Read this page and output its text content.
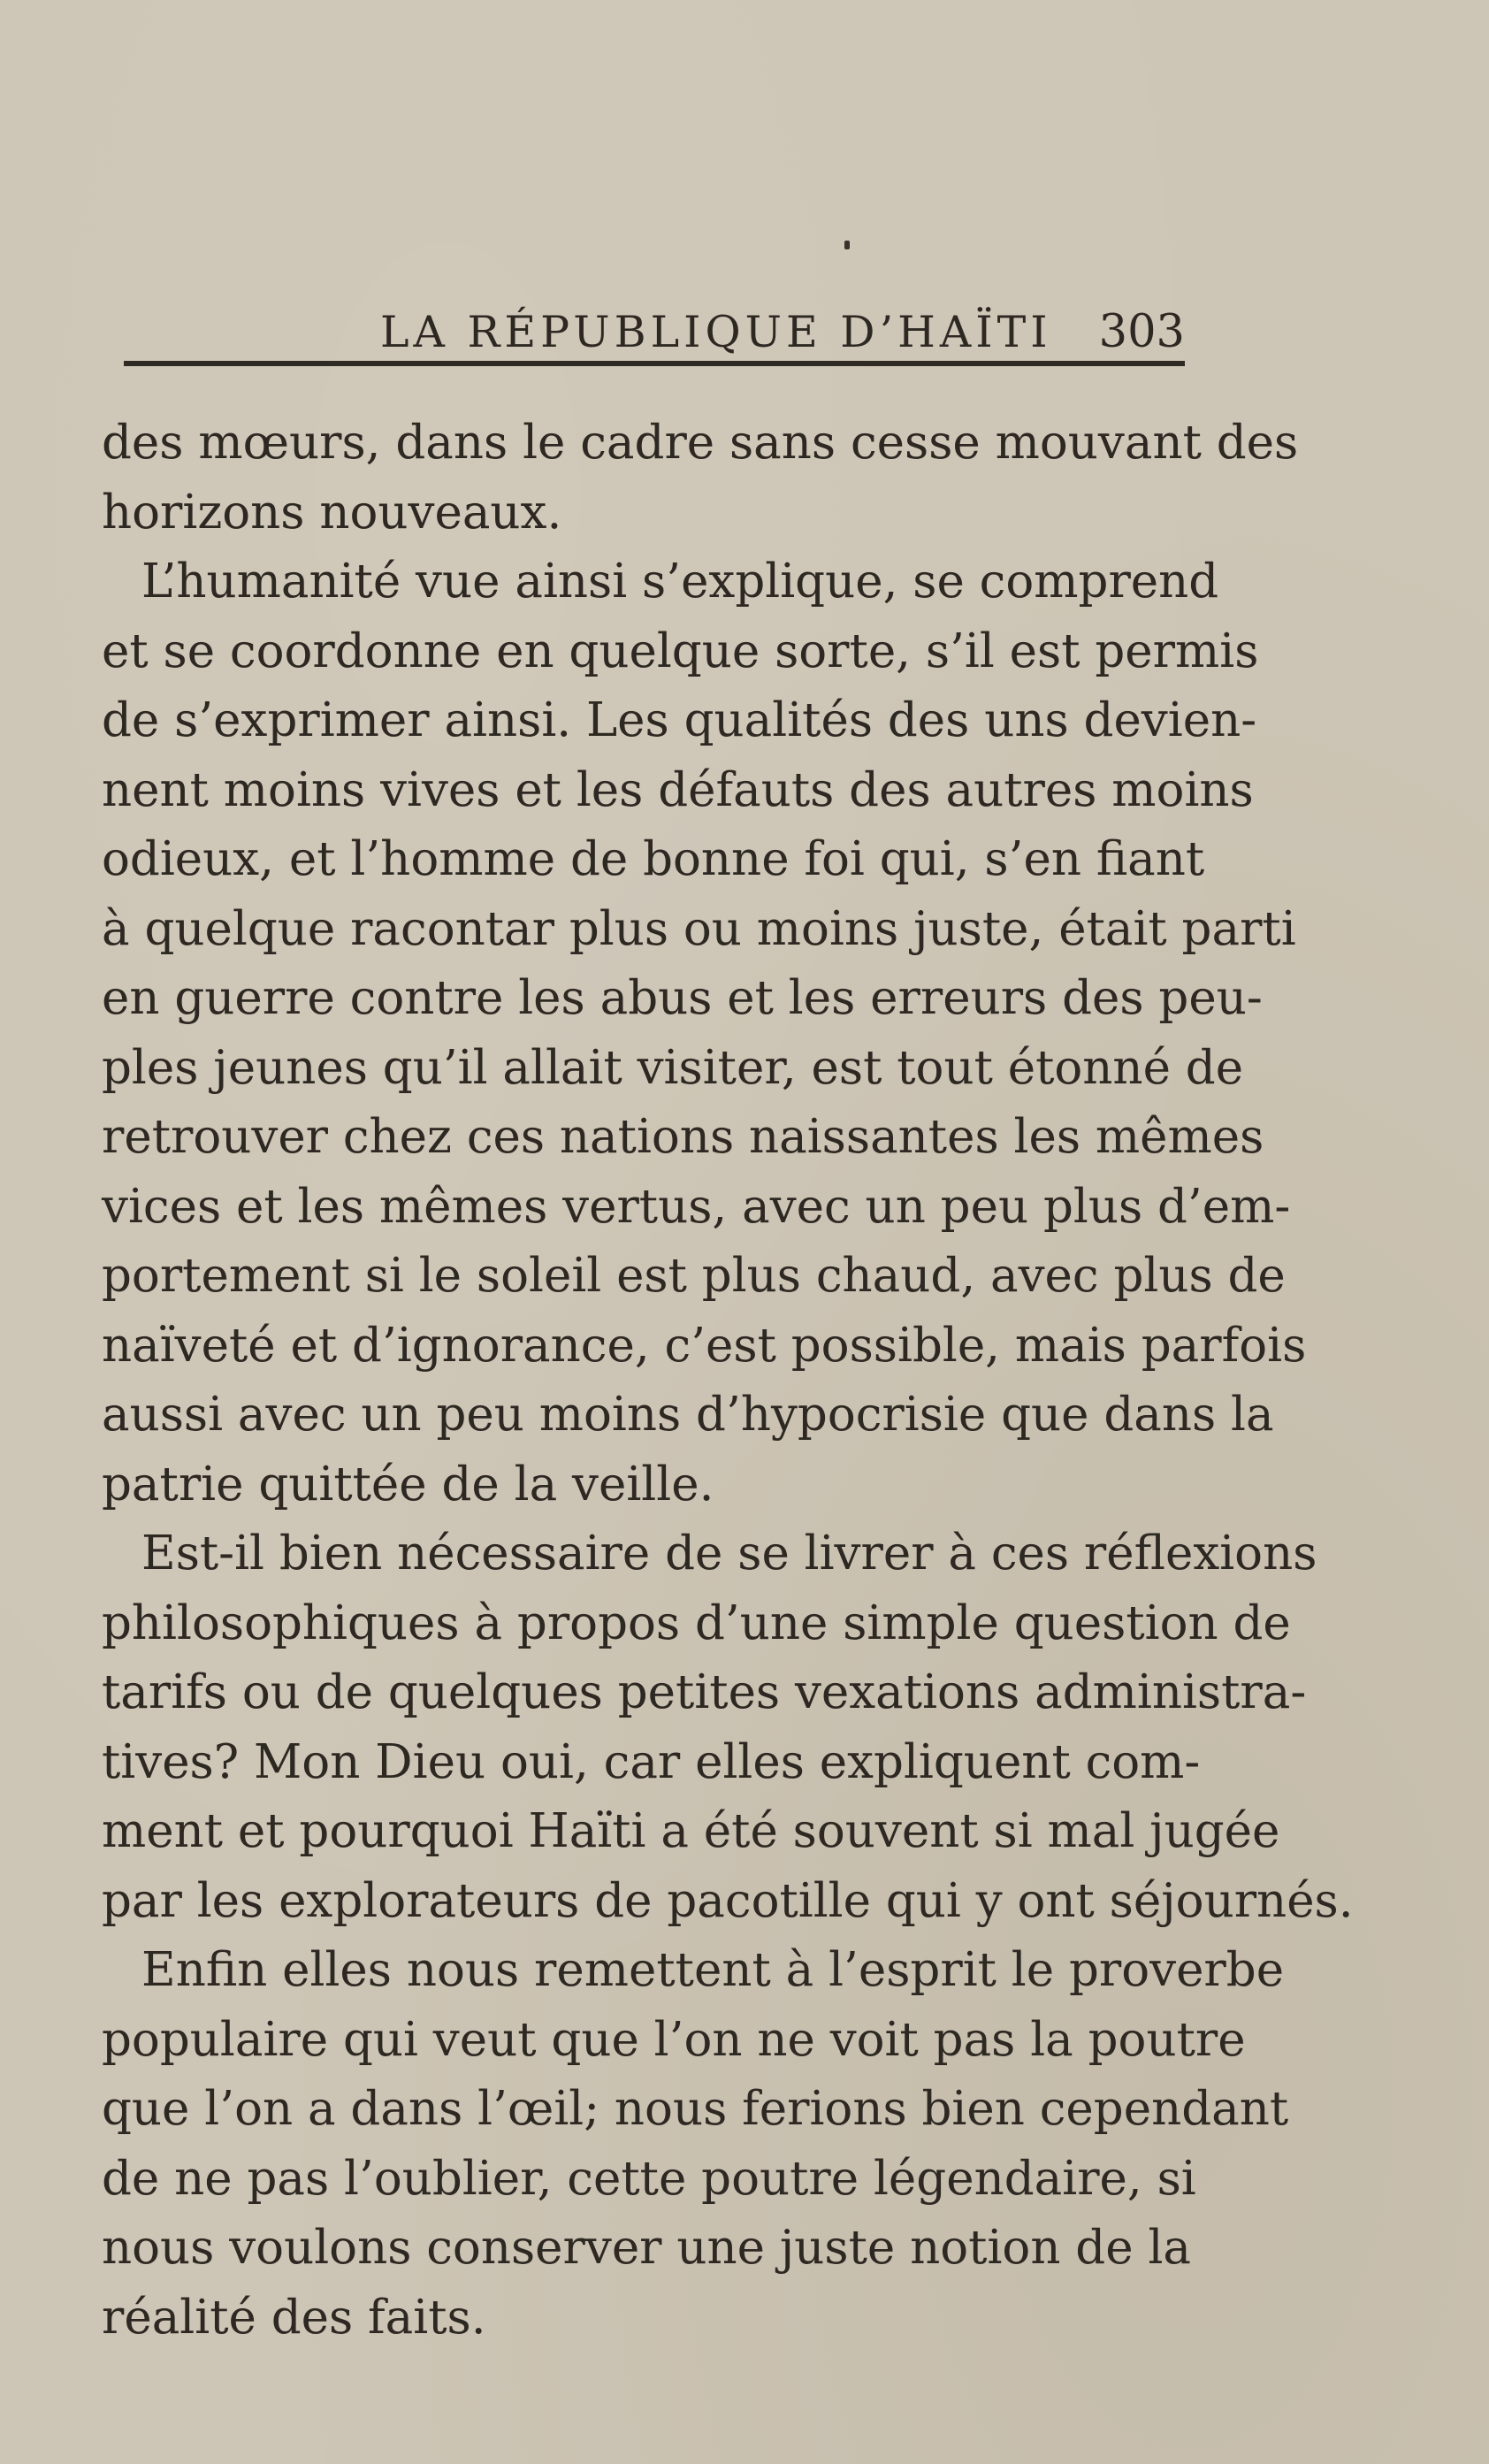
LA RÉPUBLIQUE D’HAÏTI 303
des mœurs, dans le cadre sans cesse mouvant des
horizons nouveaux.
L’humanité vue ainsi s’explique, se comprend
et se coordonne en quelque sorte, s’il est permis
de s’exprimer ainsi. Les qualités des uns devien-
nent moins vives et les défauts des autres moins
odieux, et l’homme de bonne foi qui, s’en fiant
à quelque racontar plus ou moins juste, était parti
en guerre contre les abus et les erreurs des peu-
ples jeunes qu’il allait visiter, est tout étonné de
retrouver chez ces nations naissantes les mêmes
vices et les mêmes vertus, avec un peu plus d’em-
portement si le soleil est plus chaud, avec plus de
naïveté et d’ignorance, c’est possible, mais parfois
aussi avec un peu moins d’hypocrisie que dans la
patrie quittée de la veille.
Est-il bien nécessaire de se livrer à ces réflexions
philosophiques à propos d’une simple question de
tarifs ou de quelques petites vexations administra-
tives? Mon Dieu oui, car elles expliquent com-
ment et pourquoi Haïti a été souvent si mal jugée
par les explorateurs de pacotille qui y ont séjournés.
Enfin elles nous remettent à l’esprit le proverbe
populaire qui veut que l’on ne voit pas la poutre
que l’on a dans l’œil; nous ferions bien cependant
de ne pas l’oublier, cette poutre légendaire, si
nous voulons conserver une juste notion de la
réalité des faits.
